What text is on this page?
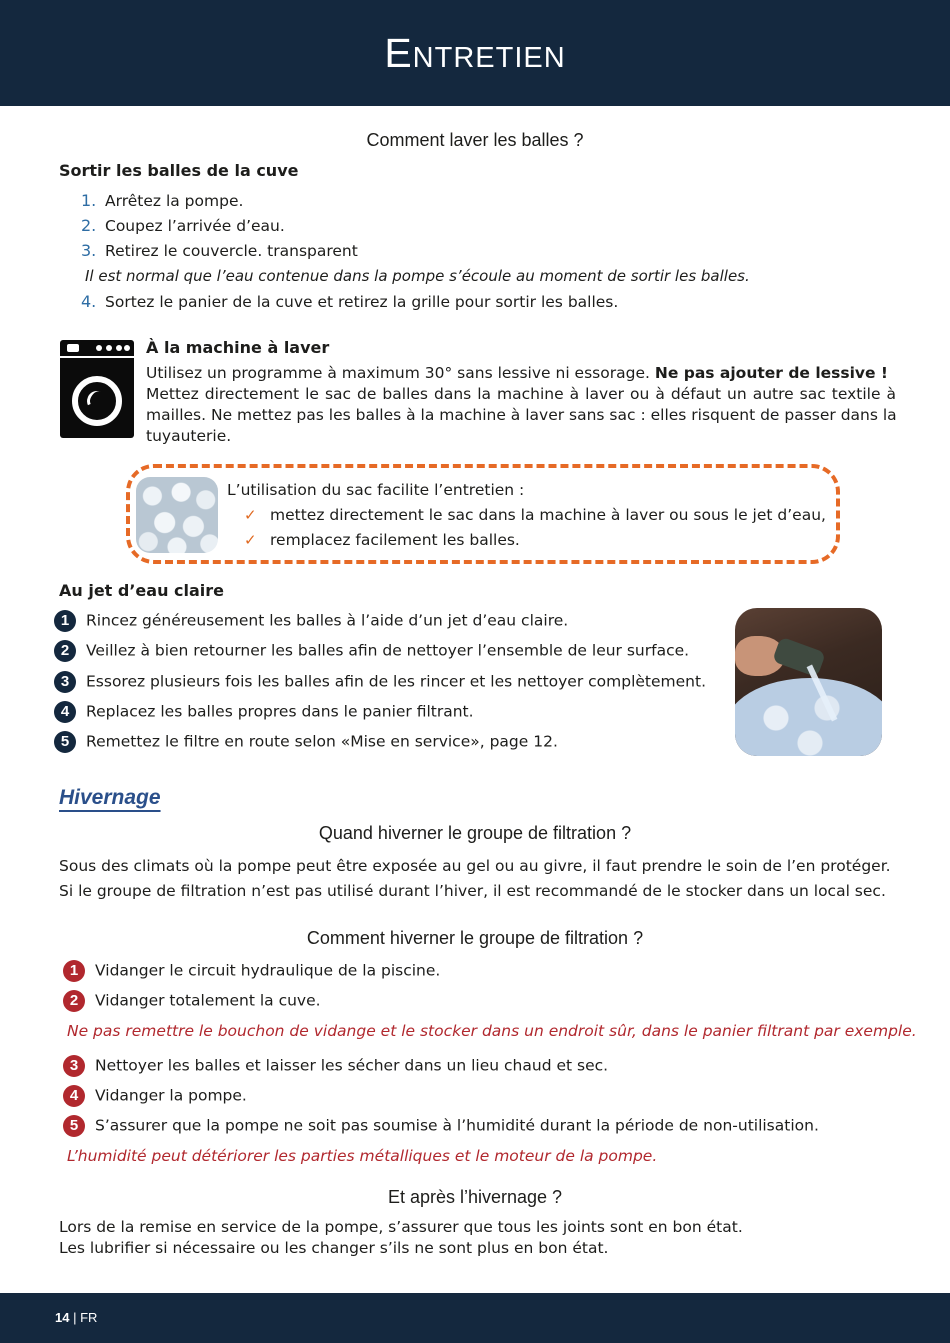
Entretien
Comment laver les balles ?
Sortir les balles de la cuve
1. Arrêtez la pompe.
2. Coupez l’arrivée d’eau.
3. Retirez le couvercle. transparent
Il est normal que l’eau contenue dans la pompe s’écoule au moment de sortir les balles.
4. Sortez le panier de la cuve et retirez la grille pour sortir les balles.
À la machine à laver
Utilisez un programme à maximum 30° sans lessive ni essorage. Ne pas ajouter de lessive !
Mettez directement le sac de balles dans la machine à laver ou à défaut un autre sac textile à
mailles. Ne mettez pas les balles à la machine à laver sans sac : elles risquent de passer dans la
tuyauterie.
L’utilisation du sac facilite l’entretien :
✓ mettez directement le sac dans la machine à laver ou sous le jet d’eau,
✓ remplacez facilement les balles.
Au jet d’eau claire
1 Rincez généreusement les balles à l’aide d’un jet d’eau claire.
2 Veillez à bien retourner les balles afin de nettoyer l’ensemble de leur surface.
3 Essorez plusieurs fois les balles afin de les rincer et les nettoyer complètement.
4 Replacez les balles propres dans le panier filtrant.
5 Remettez le filtre en route selon «Mise en service», page 12.
Hivernage
Quand hiverner le groupe de filtration ?
Sous des climats où la pompe peut être exposée au gel ou au givre, il faut prendre le soin de l’en protéger.
Si le groupe de filtration n’est pas utilisé durant l’hiver, il est recommandé de le stocker dans un local sec.
Comment hiverner le groupe de filtration ?
1 Vidanger le circuit hydraulique de la piscine.
2 Vidanger totalement la cuve.
Ne pas remettre le bouchon de vidange et le stocker dans un endroit sûr, dans le panier filtrant par exemple.
3 Nettoyer les balles et laisser les sécher dans un lieu chaud et sec.
4 Vidanger la pompe.
5 S’assurer que la pompe ne soit pas soumise à l’humidité durant la période de non-utilisation.
L’humidité peut détériorer les parties métalliques et le moteur de la pompe.
Et après l’hivernage ?
Lors de la remise en service de la pompe, s’assurer que tous les joints sont en bon état.
Les lubrifier si nécessaire ou les changer s’ils ne sont plus en bon état.
14 | FR
